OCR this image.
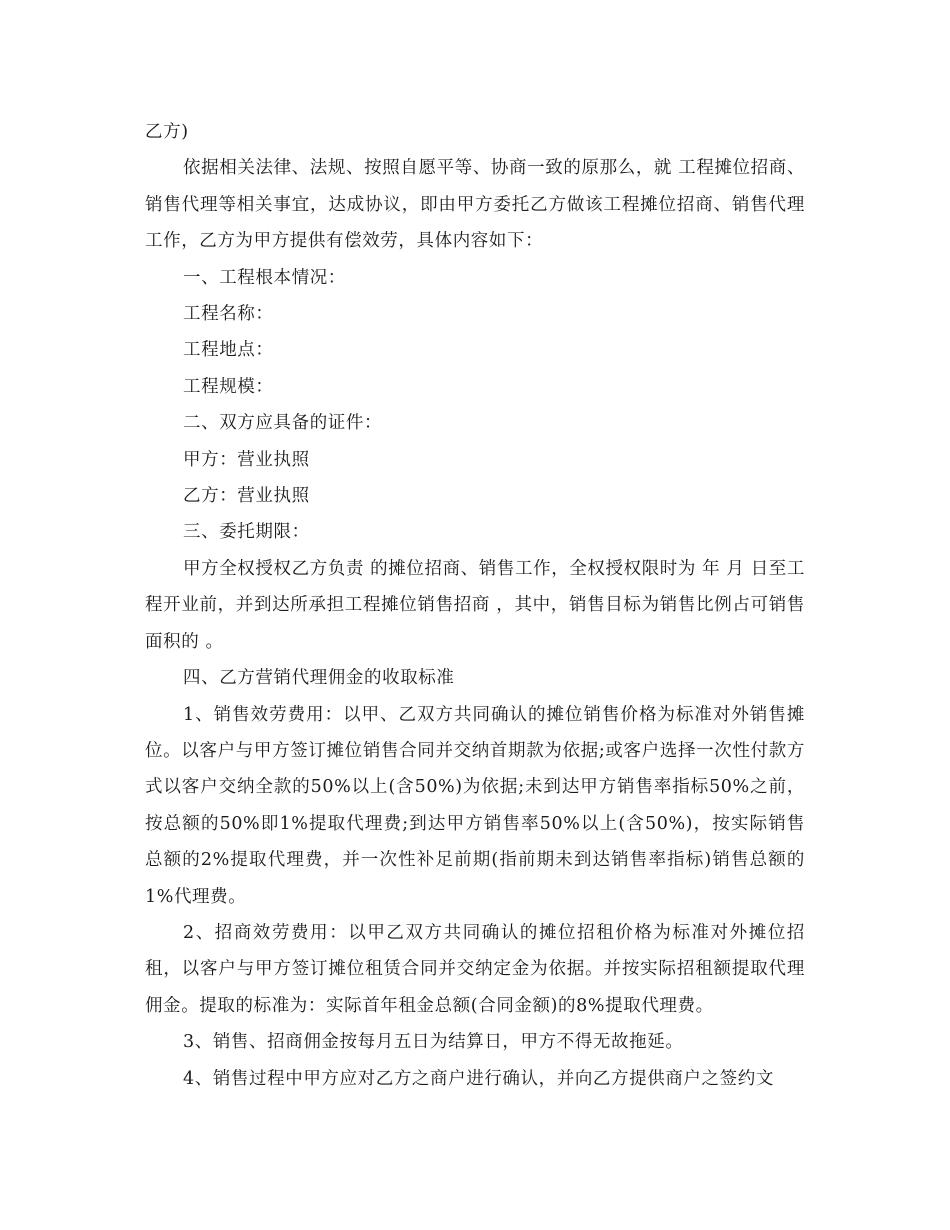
乙方)

依据相关法律、法规、按照自愿平等、协商一致的原那么，就 工程摊位招商、销售代理等相关事宜，达成协议，即由甲方委托乙方做该工程摊位招商、销售代理工作，乙方为甲方提供有偿效劳，具体内容如下：

一、工程根本情况：

工程名称：

工程地点：

工程规模：

二、双方应具备的证件：

甲方：营业执照

乙方：营业执照

三、委托期限：

甲方全权授权乙方负责 的摊位招商、销售工作，全权授权限时为 年 月 日至工程开业前，并到达所承担工程摊位销售招商 ，其中，销售目标为销售比例占可销售面积的 。

四、乙方营销代理佣金的收取标准

1、销售效劳费用：以甲、乙双方共同确认的摊位销售价格为标准对外销售摊位。以客户与甲方签订摊位销售合同并交纳首期款为依据;或客户选择一次性付款方式以客户交纳全款的50%以上(含50%)为依据;未到达甲方销售率指标50%之前，按总额的50%即1%提取代理费;到达甲方销售率50%以上(含50%)，按实际销售总额的2%提取代理费，并一次性补足前期(指前期未到达销售率指标)销售总额的1%代理费。

2、招商效劳费用：以甲乙双方共同确认的摊位招租价格为标准对外摊位招租，以客户与甲方签订摊位租赁合同并交纳定金为依据。并按实际招租额提取代理佣金。提取的标准为：实际首年租金总额(合同金额)的8%提取代理费。

3、销售、招商佣金按每月五日为结算日，甲方不得无故拖延。

4、销售过程中甲方应对乙方之商户进行确认，并向乙方提供商户之签约文
